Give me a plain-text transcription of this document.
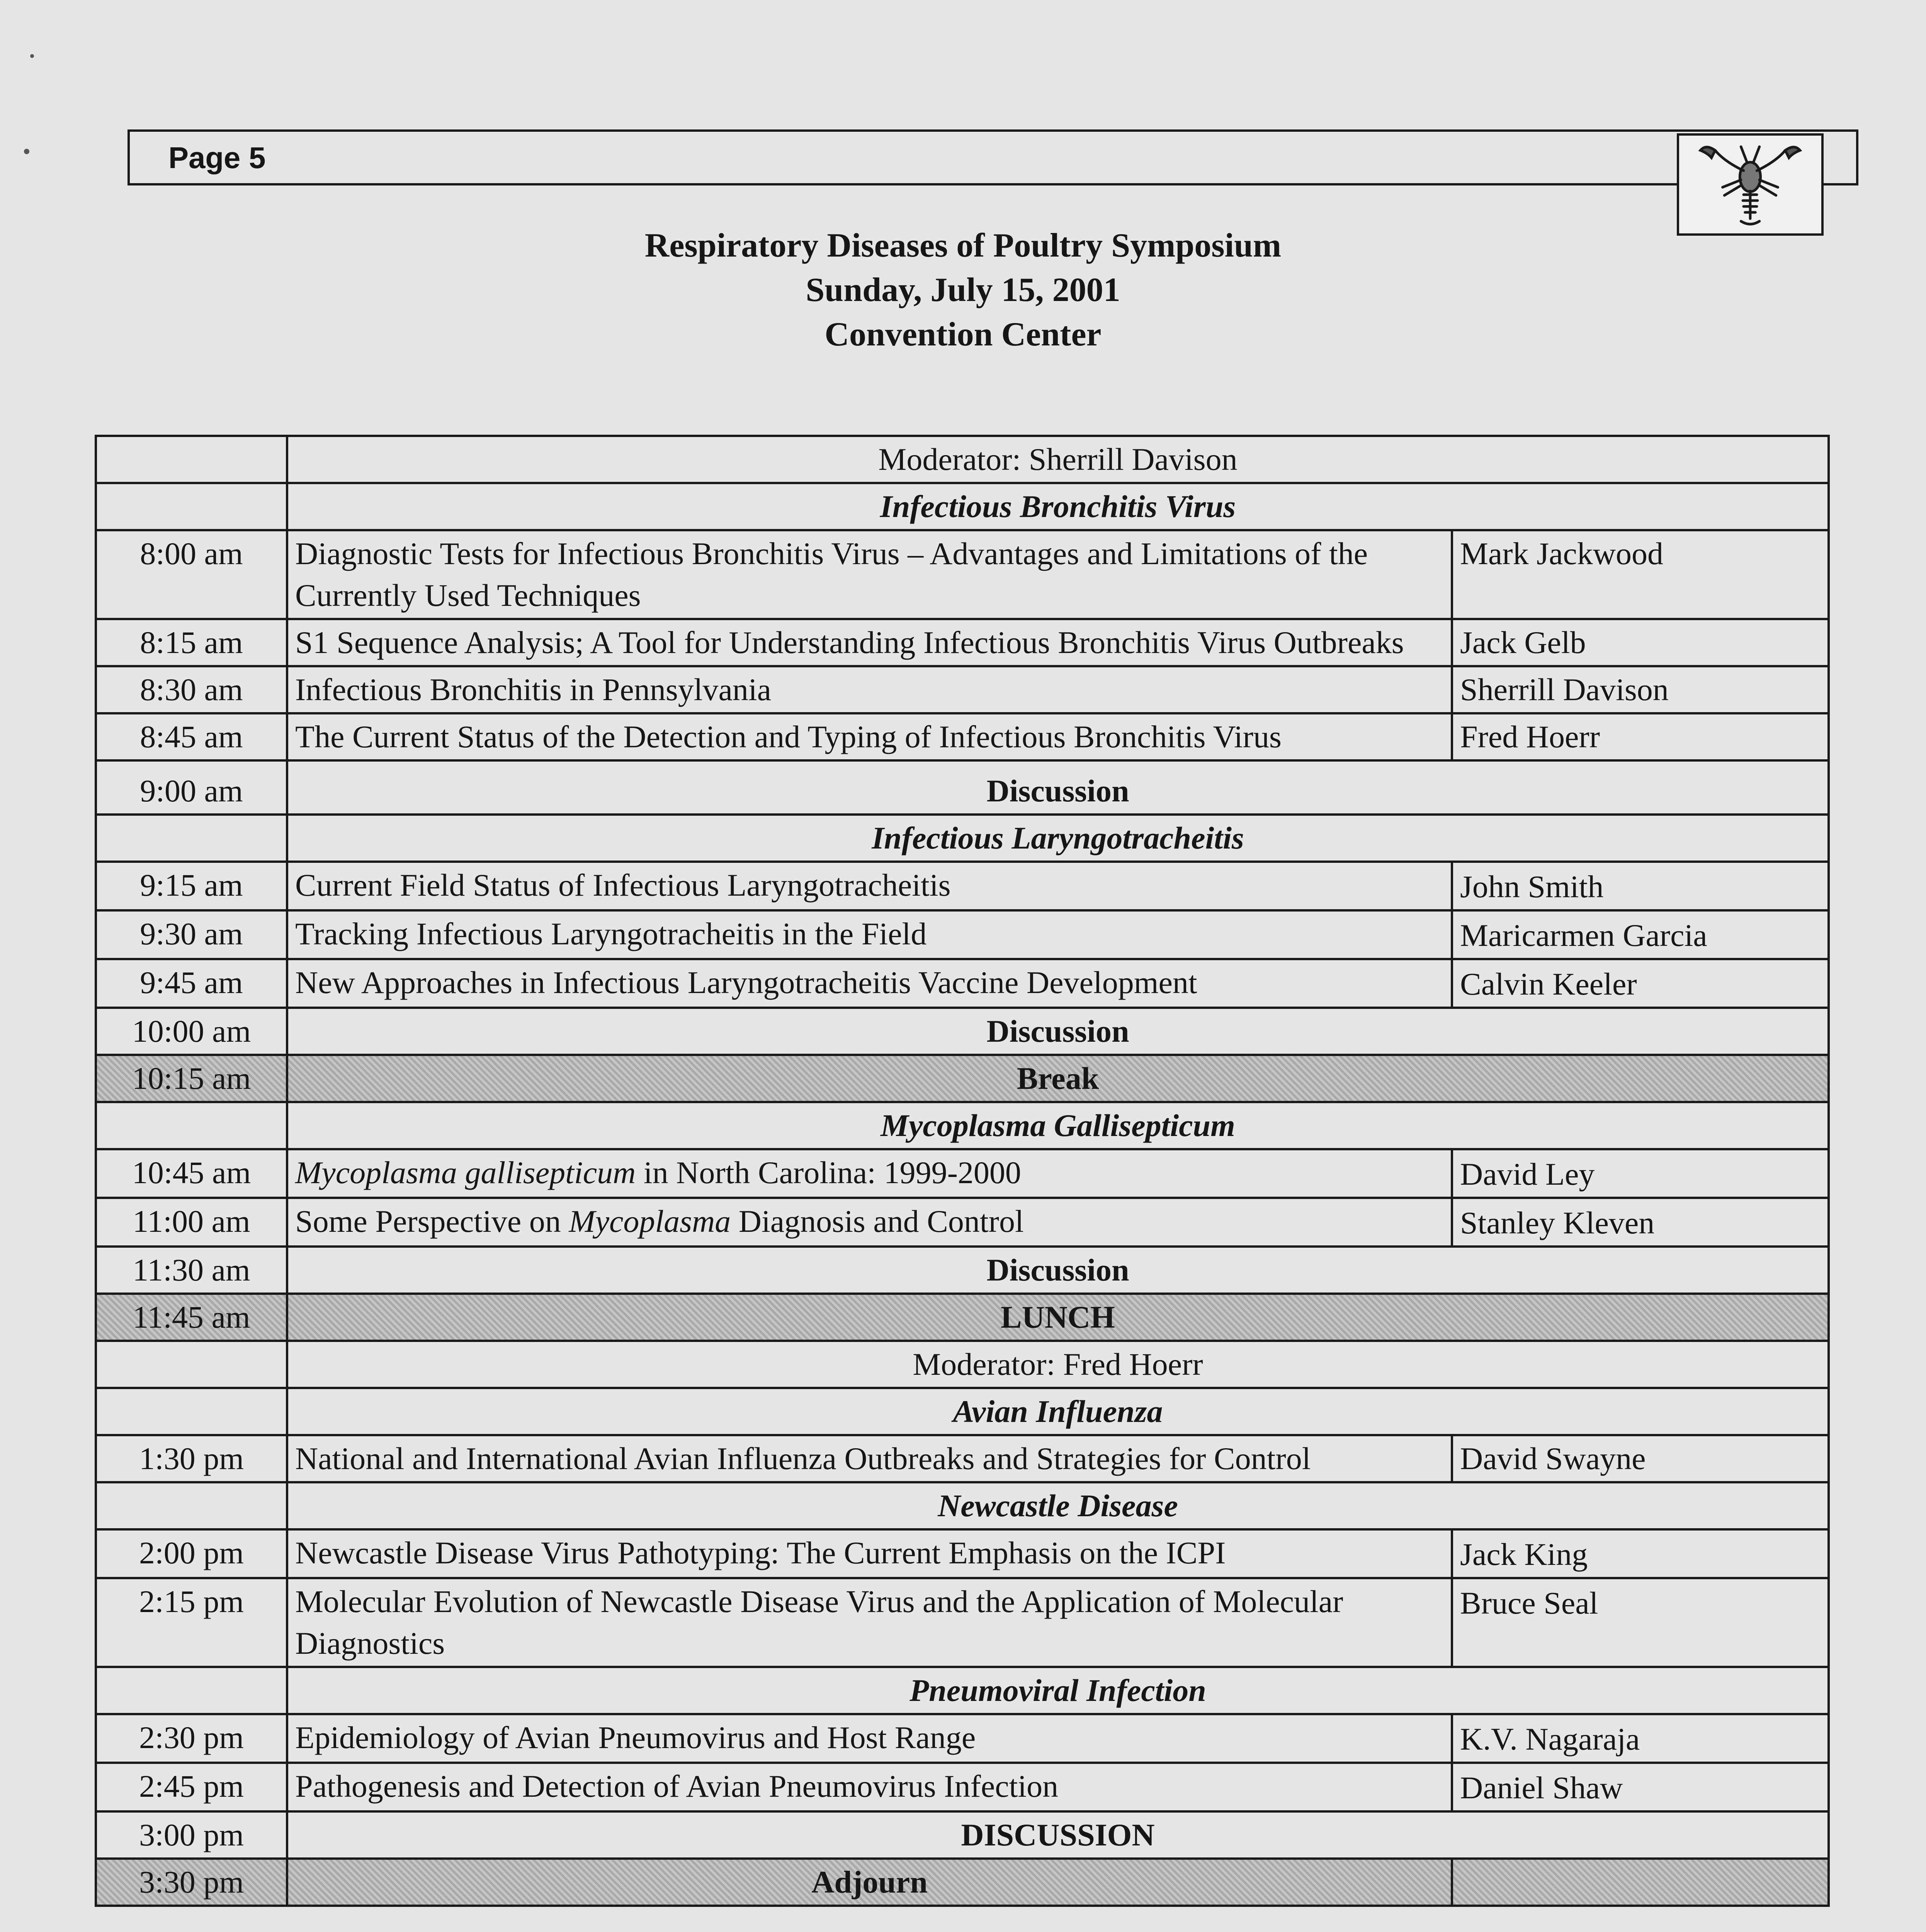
Page 5
Respiratory Diseases of Poultry Symposium
Sunday, July 15, 2001
Convention Center
	Moderator: Sherrill Davison	
	Infectious Bronchitis Virus	
8:00 am	Diagnostic Tests for Infectious Bronchitis Virus – Advantages and Limitations of the Currently Used Techniques	Mark Jackwood
8:15 am	S1 Sequence Analysis; A Tool for Understanding Infectious Bronchitis Virus Outbreaks	Jack Gelb
8:30 am	Infectious Bronchitis in Pennsylvania	Sherrill Davison
8:45 am	The Current Status of the Detection and Typing of Infectious Bronchitis Virus	Fred Hoerr
9:00 am	Discussion	
	Infectious Laryngotracheitis	
9:15 am	Current Field Status of Infectious Laryngotracheitis	John Smith
9:30 am	Tracking Infectious Laryngotracheitis in the Field	Maricarmen Garcia
9:45 am	New Approaches in Infectious Laryngotracheitis Vaccine Development	Calvin Keeler
10:00 am	Discussion	
10:15 am	Break	
	Mycoplasma Gallisepticum	
10:45 am	Mycoplasma gallisepticum in North Carolina: 1999-2000	David Ley
11:00 am	Some Perspective on Mycoplasma Diagnosis and Control	Stanley Kleven
11:30 am	Discussion	
11:45 am	LUNCH	
	Moderator: Fred Hoerr	
	Avian Influenza	
1:30 pm	National and International Avian Influenza Outbreaks and Strategies for Control	David Swayne
	Newcastle Disease	
2:00 pm	Newcastle Disease Virus Pathotyping: The Current Emphasis on the ICPI	Jack King
2:15 pm	Molecular Evolution of Newcastle Disease Virus and the Application of Molecular Diagnostics	Bruce Seal
	Pneumoviral Infection	
2:30 pm	Epidemiology of Avian Pneumovirus and Host Range	K.V. Nagaraja
2:45 pm	Pathogenesis and Detection of Avian Pneumovirus Infection	Daniel Shaw
3:00 pm	DISCUSSION	
3:30 pm	Adjourn	
